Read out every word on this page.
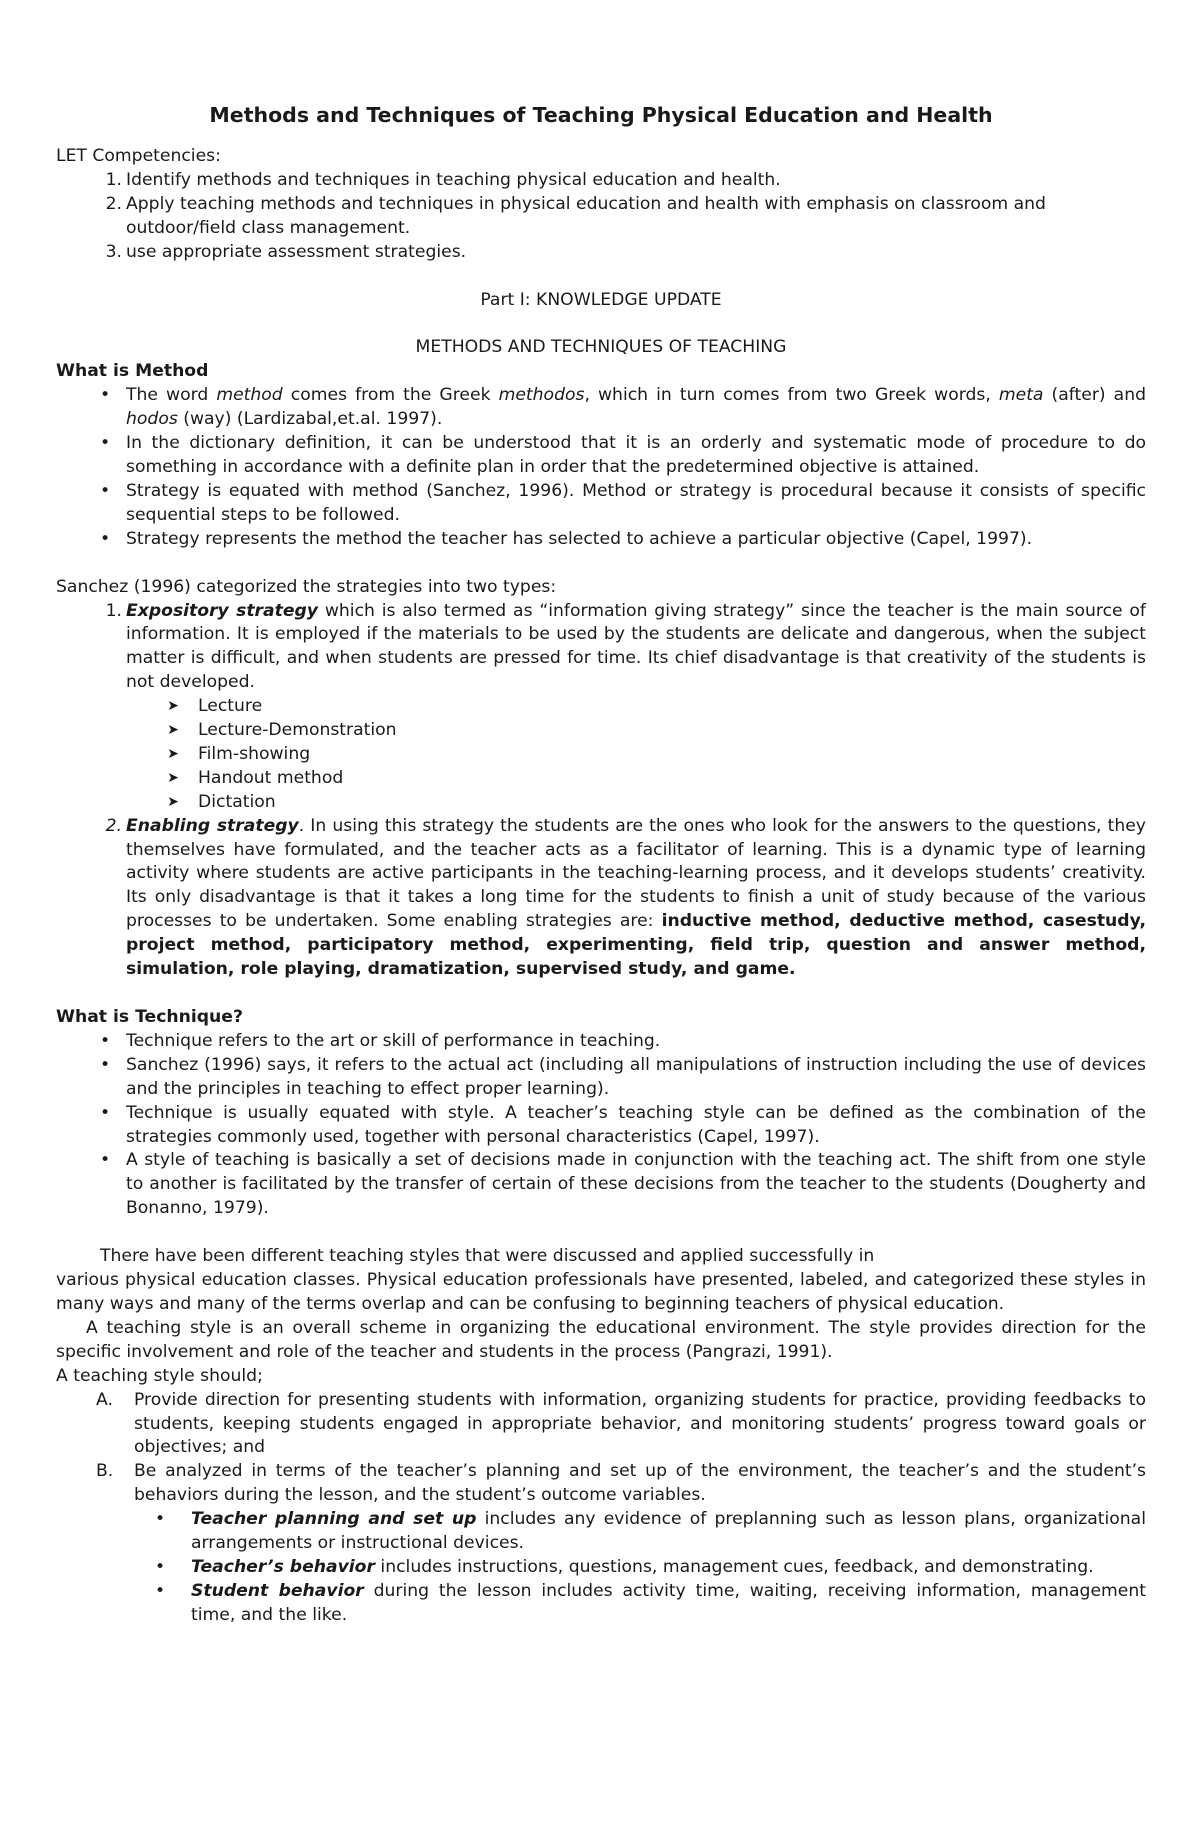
Methods and Techniques of Teaching Physical Education and Health

LET Competencies:

1. Identify methods and techniques in teaching physical education and health.
2. Apply teaching methods and techniques in physical education and health with emphasis on classroom and outdoor/field class management.
3. use appropriate assessment strategies.

Part I: KNOWLEDGE UPDATE

METHODS AND TECHNIQUES OF TEACHING

What is Method

• The word method comes from the Greek methodos, which in turn comes from two Greek words, meta (after) and hodos (way) (Lardizabal,et.al. 1997).
• In the dictionary definition, it can be understood that it is an orderly and systematic mode of procedure to do something in accordance with a definite plan in order that the predetermined objective is attained.
• Strategy is equated with method (Sanchez, 1996). Method or strategy is procedural because it consists of specific sequential steps to be followed.
• Strategy represents the method the teacher has selected to achieve a particular objective (Capel, 1997).

Sanchez (1996) categorized the strategies into two types:

1. Expository strategy which is also termed as “information giving strategy” since the teacher is the main source of information. It is employed if the materials to be used by the students are delicate and dangerous, when the subject matter is difficult, and when students are pressed for time. Its chief disadvantage is that creativity of the students is not developed.
➤ Lecture
➤ Lecture-Demonstration
➤ Film-showing
➤ Handout method
➤ Dictation
2. Enabling strategy. In using this strategy the students are the ones who look for the answers to the questions, they themselves have formulated, and the teacher acts as a facilitator of learning. This is a dynamic type of learning activity where students are active participants in the teaching-learning process, and it develops students’ creativity. Its only disadvantage is that it takes a long time for the students to finish a unit of study because of the various processes to be undertaken. Some enabling strategies are: inductive method, deductive method, casestudy, project method, participatory method, experimenting, field trip, question and answer method, simulation, role playing, dramatization, supervised study, and game.

What is Technique?

• Technique refers to the art or skill of performance in teaching.
• Sanchez (1996) says, it refers to the actual act (including all manipulations of instruction including the use of devices and the principles in teaching to effect proper learning).
• Technique is usually equated with style. A teacher’s teaching style can be defined as the combination of the strategies commonly used, together with personal characteristics (Capel, 1997).
• A style of teaching is basically a set of decisions made in conjunction with the teaching act. The shift from one style to another is facilitated by the transfer of certain of these decisions from the teacher to the students (Dougherty and Bonanno, 1979).

There have been different teaching styles that were discussed and applied successfully in

various physical education classes. Physical education professionals have presented, labeled, and categorized these styles in many ways and many of the terms overlap and can be confusing to beginning teachers of physical education.

A teaching style is an overall scheme in organizing the educational environment. The style provides direction for the specific involvement and role of the teacher and students in the process (Pangrazi, 1991).

A teaching style should;

A.	Provide direction for presenting students with information, organizing students for practice, providing feedbacks to students, keeping students engaged in appropriate behavior, and monitoring students’ progress toward goals or objectives; and
B.	Be analyzed in terms of the teacher’s planning and set up of the environment, the teacher’s and the student’s behaviors during the lesson, and the student’s outcome variables.
• Teacher planning and set up includes any evidence of preplanning such as lesson plans, organizational arrangements or instructional devices.
• Teacher’s behavior includes instructions, questions, management cues, feedback, and demonstrating.
• Student behavior during the lesson includes activity time, waiting, receiving information, management time, and the like.
